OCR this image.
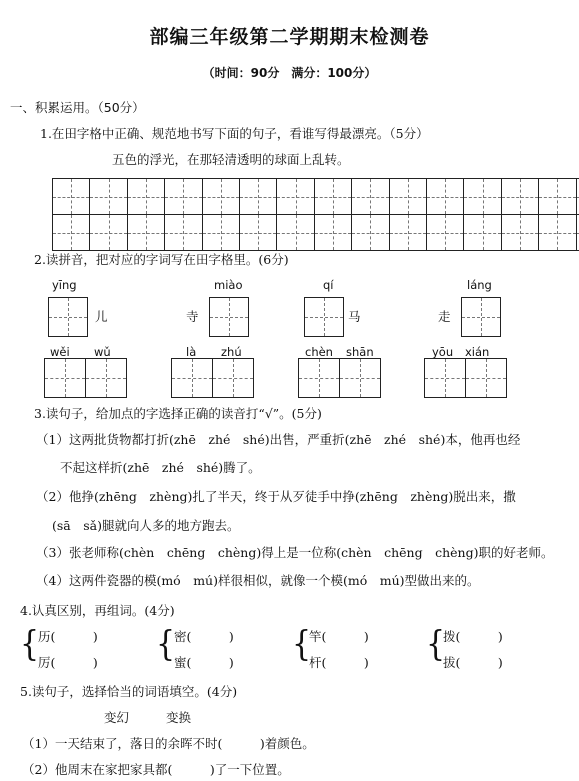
部编三年级第二学期期末检测卷
（时间：90分　满分：100分）
一、积累运用。（50分）
1.在田字格中正确、规范地书写下面的句子，看谁写得最漂亮。（5分）
五色的浮光，在那轻清透明的球面上乱转。
2.读拼音，把对应的字词写在田字格里。(6分)
yīng
儿
miào
寺
qí
马
láng
走
wěi wǔ	là zhú	chèn shān	yōu xián
3.读句子，给加点的字选择正确的读音打“√”。(5分)
（1）这两批货物都打折(zhē　zhé　shé)出售，严重折(zhē　zhé　shé)本，他再也经
不起这样折(zhē　zhé　shé)腾了。
（2）他挣(zhēng　zhèng)扎了半天，终于从歹徒手中挣(zhēng　zhèng)脱出来，撒
(sā　sǎ)腿就向人多的地方跑去。
（3）张老师称(chèn　chēng　chèng)得上是一位称(chèn　chēng　chèng)职的好老师。
（4）这两件瓷器的模(mó　mú)样很相似，就像一个模(mó　mú)型做出来的。
4.认真区别，再组词。(4分)
{
历(　　　)
厉(　　　) {
密(　　　)
蜜(　　　) {
竿(　　　)
杆(　　　) {
拨(　　　)
拔(　　　)
5.读句子，选择恰当的词语填空。(4分)
变幻	变换
（1）一天结束了，落日的余晖不时(　　　)着颜色。
（2）他周末在家把家具都(　　　)了一下位置。
